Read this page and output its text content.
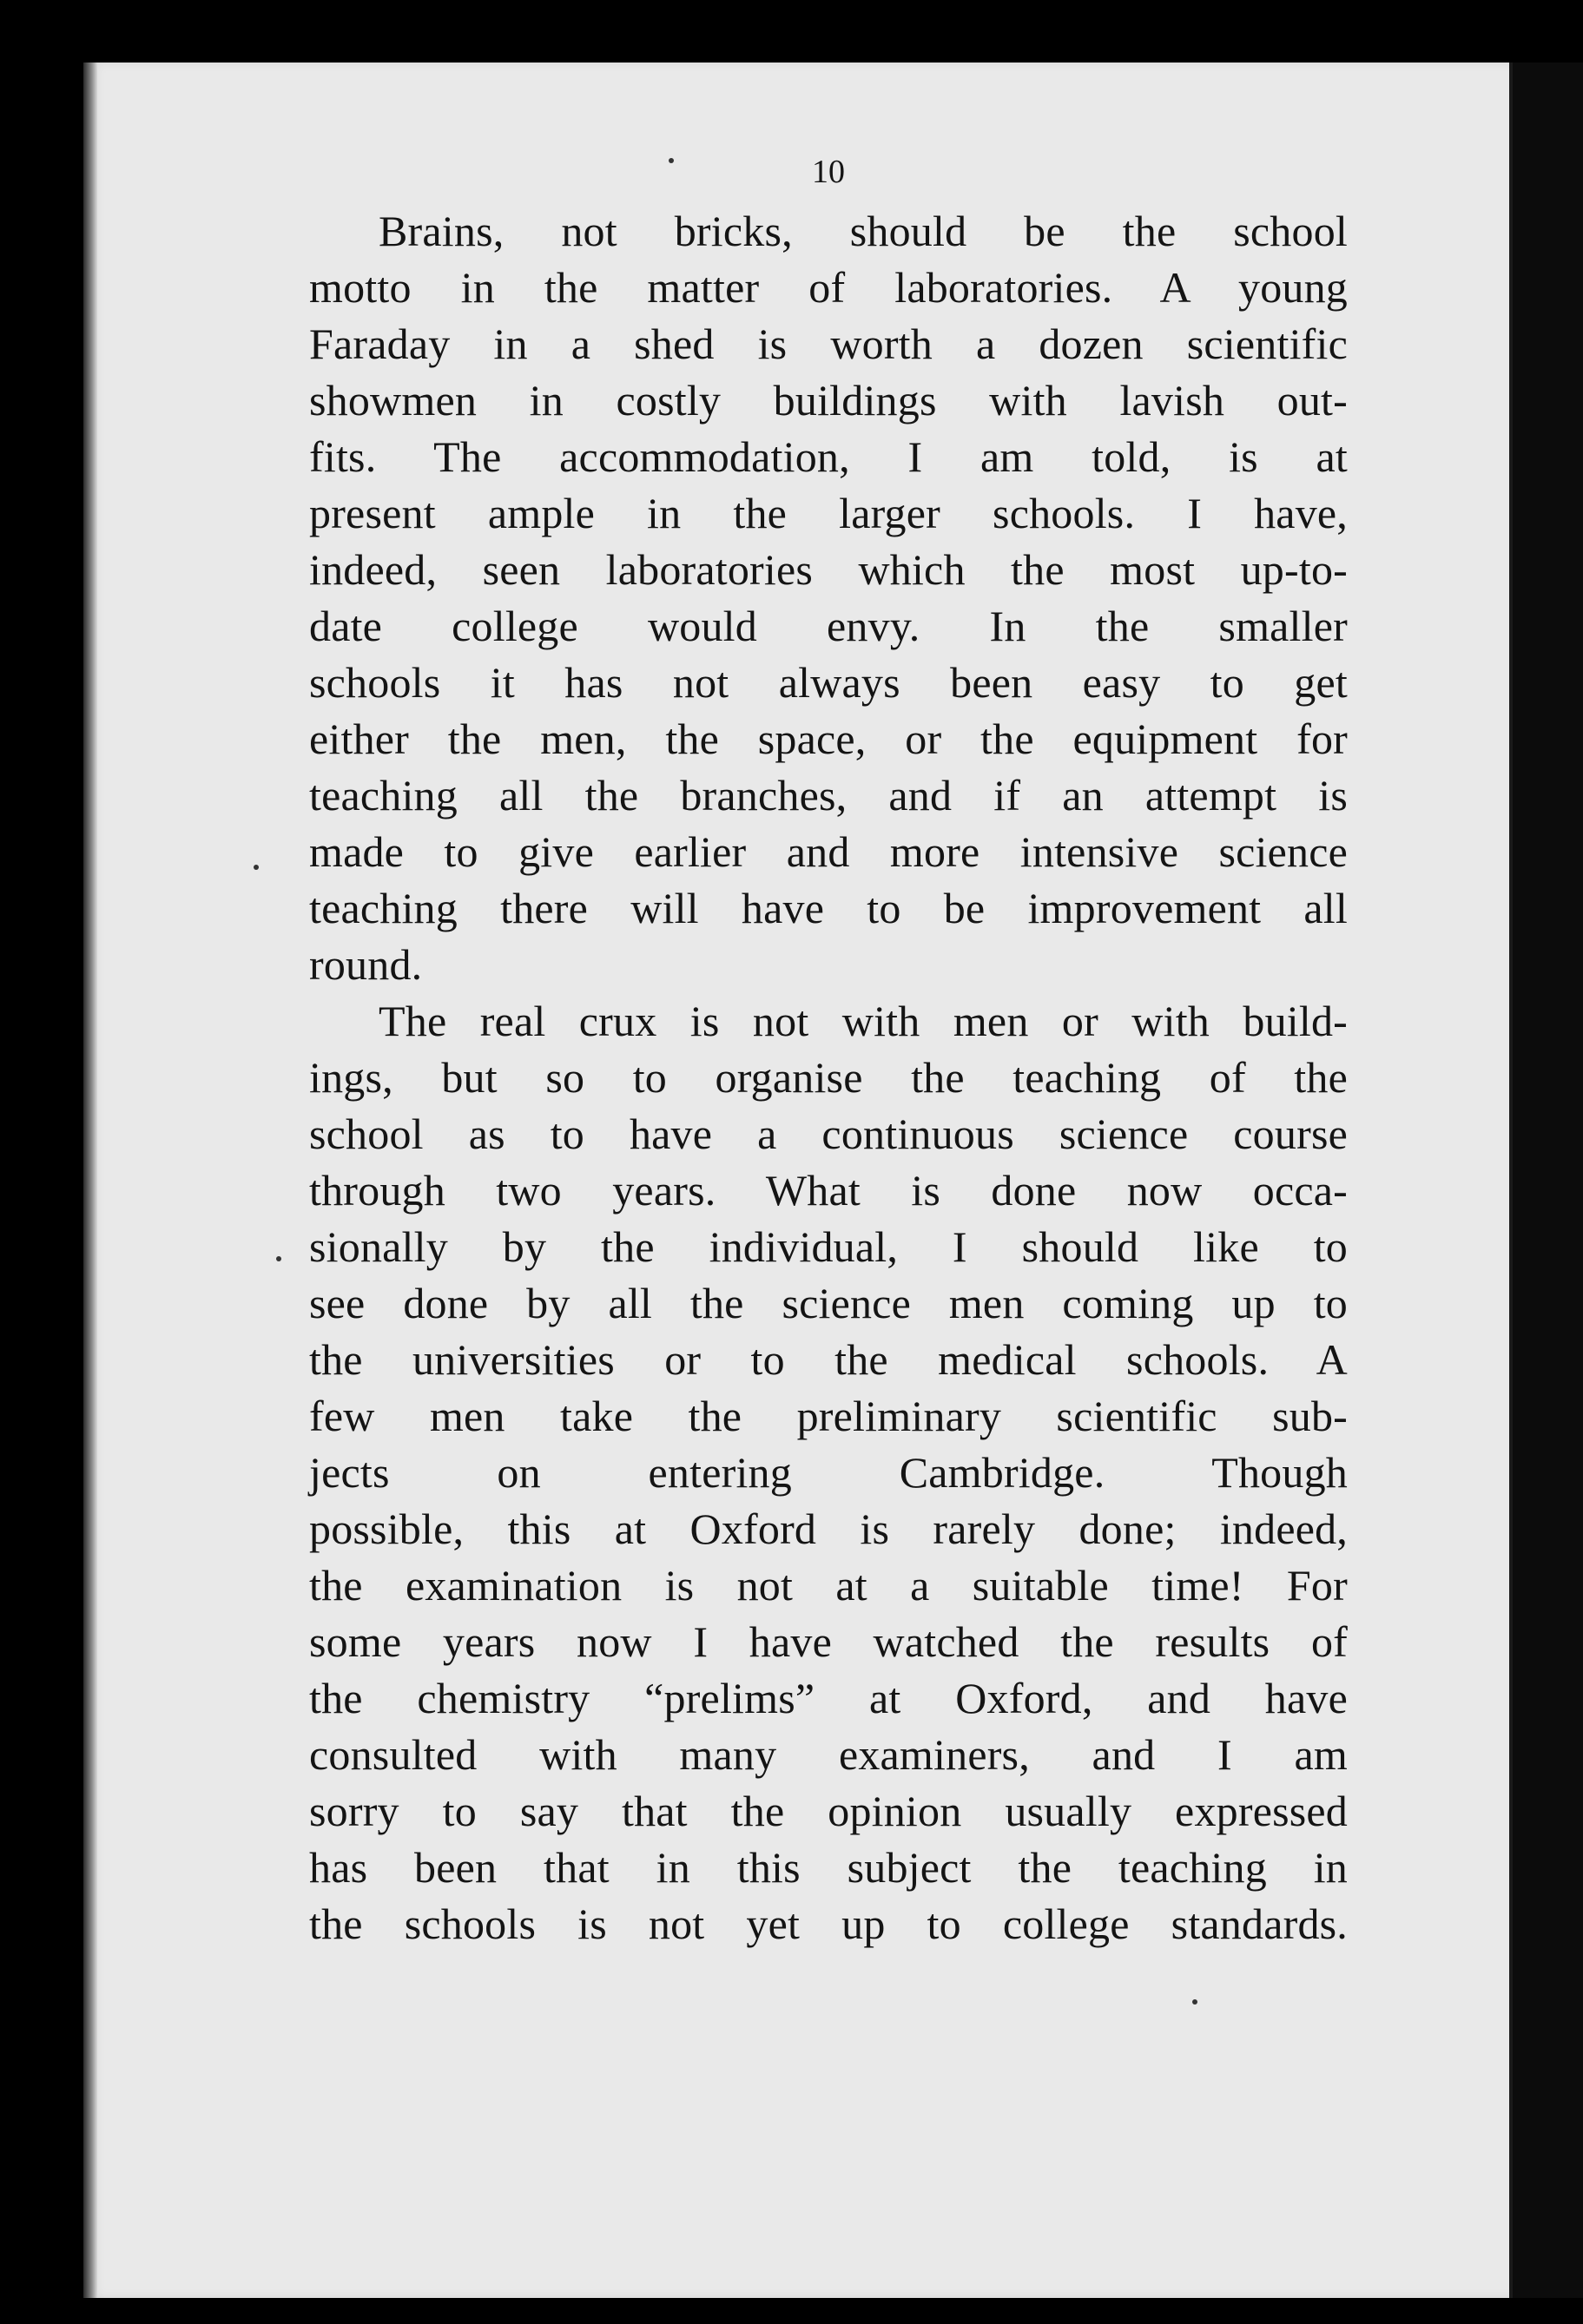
10

Brains, not bricks, should be the school
motto in the matter of laboratories. A young
Faraday in a shed is worth a dozen scientific
showmen in costly buildings with lavish out-
fits. The accommodation, I am told, is at
present ample in the larger schools. I have,
indeed, seen laboratories which the most up-to-
date college would envy. In the smaller
schools it has not always been easy to get
either the men, the space, or the equipment for
teaching all the branches, and if an attempt is
made to give earlier and more intensive science
teaching there will have to be improvement all
round.

The real crux is not with men or with build-
ings, but so to organise the teaching of the
school as to have a continuous science course
through two years. What is done now occa-
sionally by the individual, I should like to
see done by all the science men coming up to
the universities or to the medical schools. A
few men take the preliminary scientific sub-
jects on entering Cambridge. Though
possible, this at Oxford is rarely done; indeed,
the examination is not at a suitable time! For
some years now I have watched the results of
the chemistry “prelims” at Oxford, and have
consulted with many examiners, and I am
sorry to say that the opinion usually expressed
has been that in this subject the teaching in
the schools is not yet up to college standards.
